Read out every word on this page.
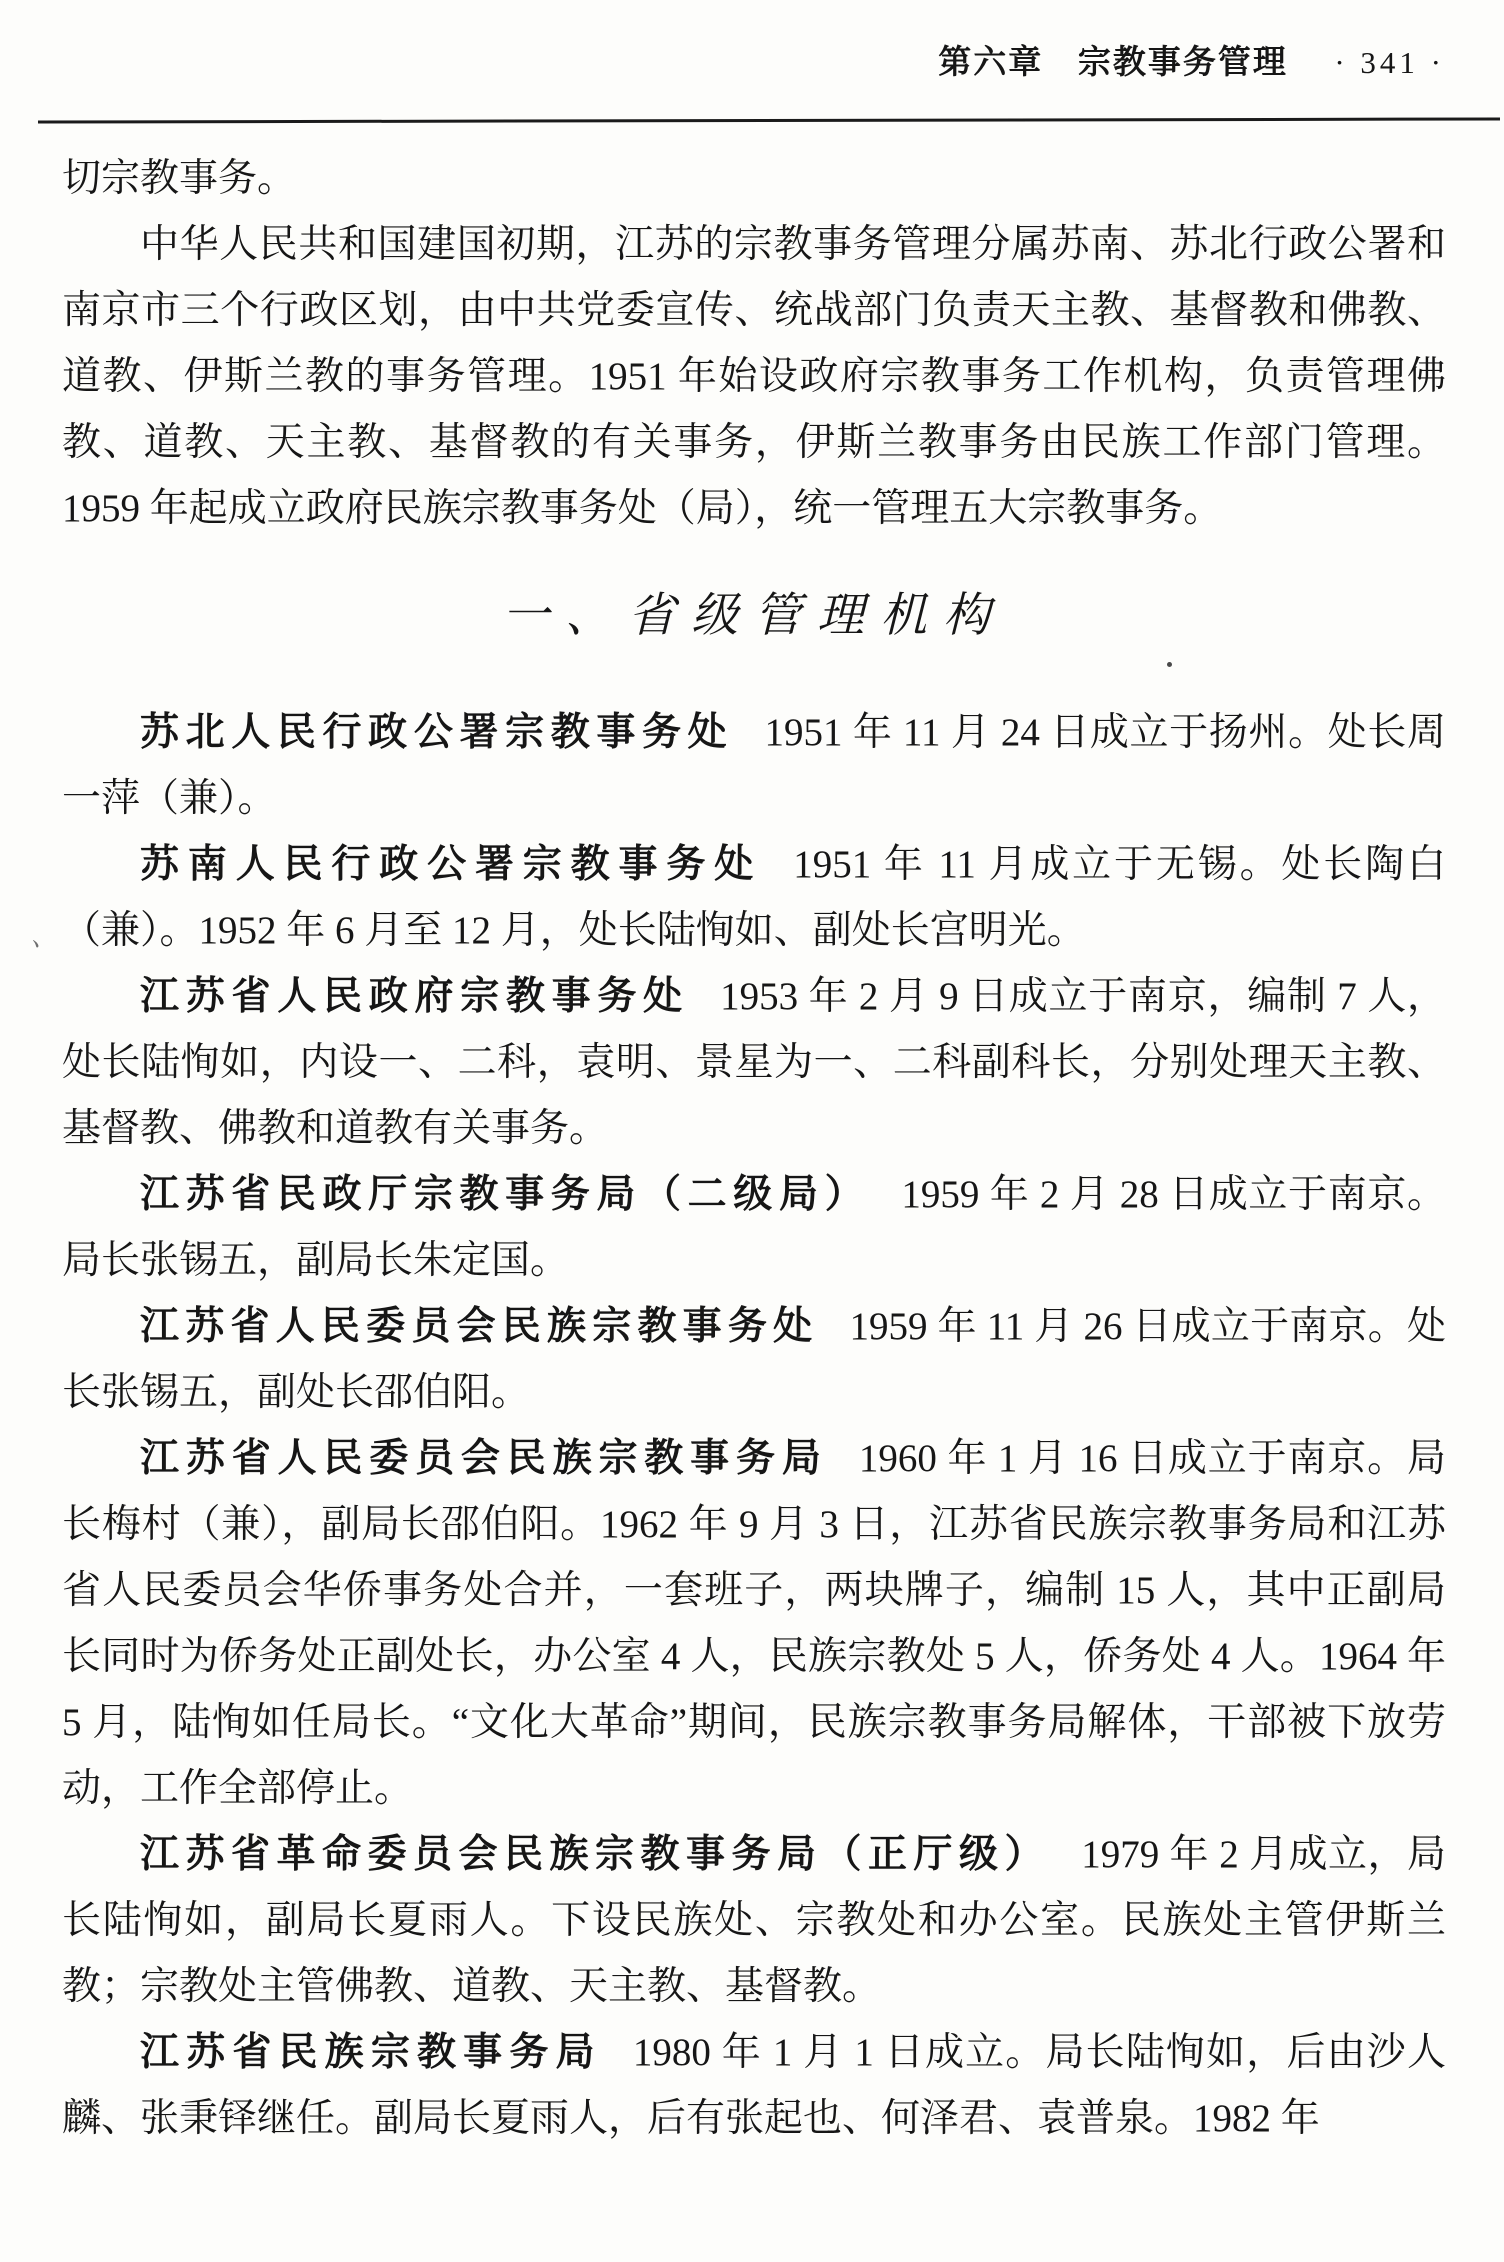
第六章 宗教事务管理 · 341 ·
、

切宗教事务。

中华人民共和国建国初期，江苏的宗教事务管理分属苏南、苏北行政公署和南京市三个行政区划，由中共党委宣传、统战部门负责天主教、基督教和佛教、道教、伊斯兰教的事务管理。1951 年始设政府宗教事务工作机构，负责管理佛教、道教、天主教、基督教的有关事务，伊斯兰教事务由民族工作部门管理。1959 年起成立政府民族宗教事务处（局），统一管理五大宗教事务。

一、省级管理机构

苏北人民行政公署宗教事务处 1951 年 11 月 24 日成立于扬州。处长周一萍（兼）。

苏南人民行政公署宗教事务处 1951 年 11 月成立于无锡。处长陶白（兼）。1952 年 6 月至 12 月，处长陆恂如、副处长宫明光。

江苏省人民政府宗教事务处 1953 年 2 月 9 日成立于南京，编制 7 人，处长陆恂如，内设一、二科，袁明、景星为一、二科副科长，分别处理天主教、基督教、佛教和道教有关事务。

江苏省民政厅宗教事务局（二级局） 1959 年 2 月 28 日成立于南京。局长张锡五，副局长朱定国。

江苏省人民委员会民族宗教事务处 1959 年 11 月 26 日成立于南京。处长张锡五，副处长邵伯阳。

江苏省人民委员会民族宗教事务局 1960 年 1 月 16 日成立于南京。局长梅村（兼），副局长邵伯阳。1962 年 9 月 3 日，江苏省民族宗教事务局和江苏省人民委员会华侨事务处合并，一套班子，两块牌子，编制 15 人，其中正副局长同时为侨务处正副处长，办公室 4 人，民族宗教处 5 人，侨务处 4 人。1964 年 5 月，陆恂如任局长。“文化大革命”期间，民族宗教事务局解体，干部被下放劳动，工作全部停止。

江苏省革命委员会民族宗教事务局（正厅级） 1979 年 2 月成立，局长陆恂如，副局长夏雨人。下设民族处、宗教处和办公室。民族处主管伊斯兰教；宗教处主管佛教、道教、天主教、基督教。

江苏省民族宗教事务局 1980 年 1 月 1 日成立。局长陆恂如，后由沙人麟、张秉铎继任。副局长夏雨人，后有张起也、何泽君、袁普泉。1982 年
